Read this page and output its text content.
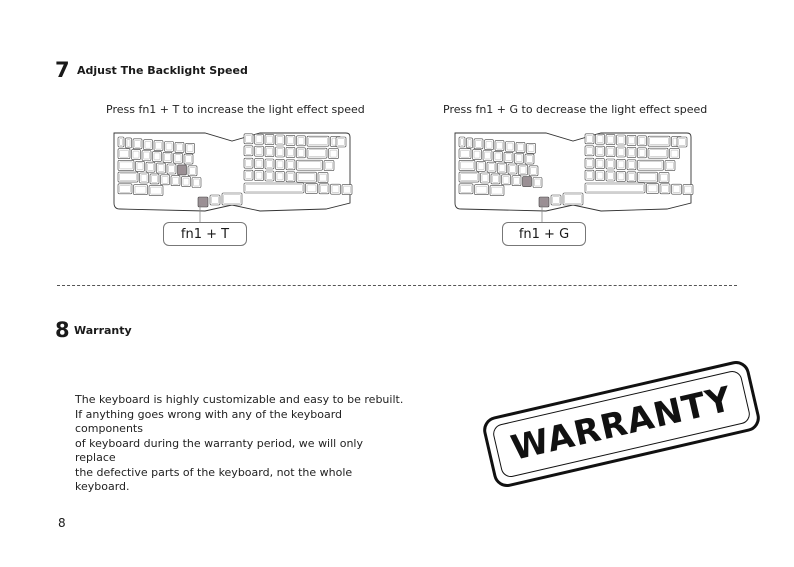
7 Adjust The Backlight Speed
Press fn1 + T to increase the light effect speed	Press fn1 + G to decrease the light effect speed
fn1 + T	fn1 + G
8 Warranty
The keyboard is highly customizable and easy to be rebuilt.
If anything goes wrong with any of the keyboard components
of keyboard during the warranty period, we will only replace
the defective parts of the keyboard, not the whole keyboard.
WARRANTY
8
